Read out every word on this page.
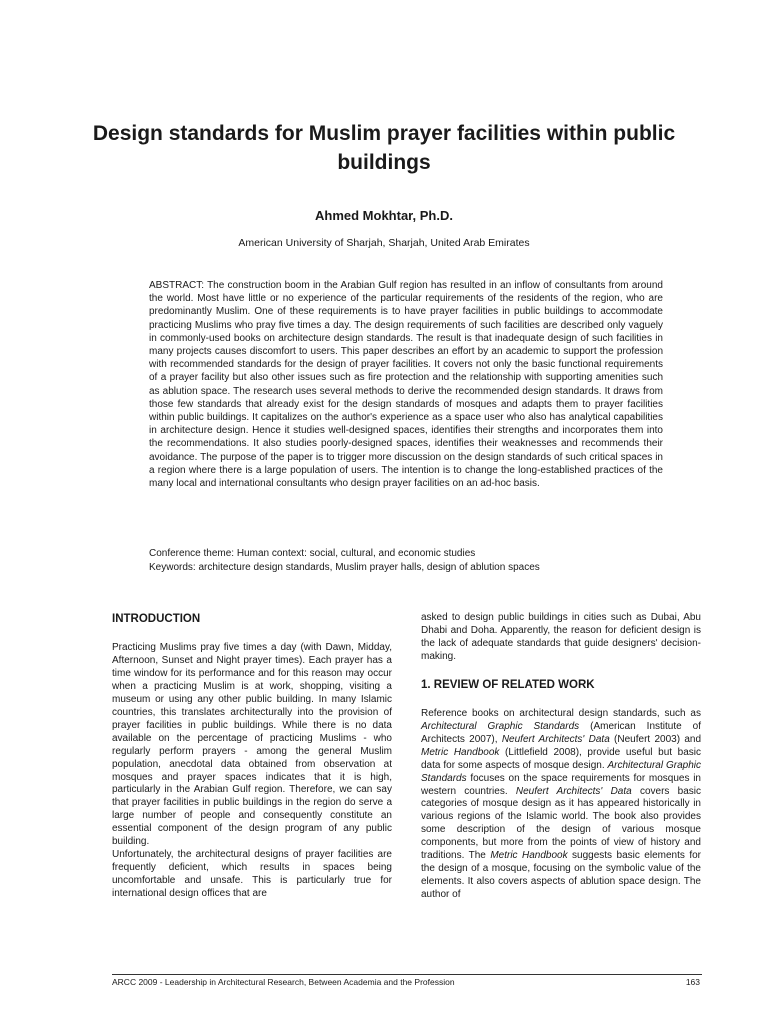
Design standards for Muslim prayer facilities within public buildings
Ahmed Mokhtar, Ph.D.
American University of Sharjah, Sharjah, United Arab Emirates

ABSTRACT: The construction boom in the Arabian Gulf region has resulted in an inflow of consultants from around the world. Most have little or no experience of the particular requirements of the residents of the region, who are predominantly Muslim. One of these requirements is to have prayer facilities in public buildings to accommodate practicing Muslims who pray five times a day. The design requirements of such facilities are described only vaguely in commonly-used books on architecture design standards. The result is that inadequate design of such facilities in many projects causes discomfort to users. This paper describes an effort by an academic to support the profession with recommended standards for the design of prayer facilities. It covers not only the basic functional requirements of a prayer facility but also other issues such as fire protection and the relationship with supporting amenities such as ablution space. The research uses several methods to derive the recommended design standards. It draws from those few standards that already exist for the design standards of mosques and adapts them to prayer facilities within public buildings. It capitalizes on the author's experience as a space user who also has analytical capabilities in architecture design. Hence it studies well-designed spaces, identifies their strengths and incorporates them into the recommendations. It also studies poorly-designed spaces, identifies their weaknesses and recommends their avoidance. The purpose of the paper is to trigger more discussion on the design standards of such critical spaces in a region where there is a large population of users. The intention is to change the long-established practices of the many local and international consultants who design prayer facilities on an ad-hoc basis.

Conference theme: Human context: social, cultural, and economic studies
Keywords: architecture design standards, Muslim prayer halls, design of ablution spaces
INTRODUCTION

Practicing Muslims pray five times a day (with Dawn, Midday, Afternoon, Sunset and Night prayer times). Each prayer has a time window for its performance and for this reason may occur when a practicing Muslim is at work, shopping, visiting a museum or using any other public building. In many Islamic countries, this translates architecturally into the provision of prayer facilities in public buildings. While there is no data available on the percentage of practicing Muslims - who regularly perform prayers - among the general Muslim population, anecdotal data obtained from observation at mosques and prayer spaces indicates that it is high, particularly in the Arabian Gulf region. Therefore, we can say that prayer facilities in public buildings in the region do serve a large number of people and consequently constitute an essential component of the design program of any public building.

Unfortunately, the architectural designs of prayer facilities are frequently deficient, which results in spaces being uncomfortable and unsafe. This is particularly true for international design offices that are

asked to design public buildings in cities such as Dubai, Abu Dhabi and Doha. Apparently, the reason for deficient design is the lack of adequate standards that guide designers' decision-making.

1. REVIEW OF RELATED WORK

Reference books on architectural design standards, such as Architectural Graphic Standards (American Institute of Architects 2007), Neufert Architects' Data (Neufert 2003) and Metric Handbook (Littlefield 2008), provide useful but basic data for some aspects of mosque design. Architectural Graphic Standards focuses on the space requirements for mosques in western countries. Neufert Architects' Data covers basic categories of mosque design as it has appeared historically in various regions of the Islamic world. The book also provides some description of the design of various mosque components, but more from the points of view of history and traditions. The Metric Handbook suggests basic elements for the design of a mosque, focusing on the symbolic value of the elements. It also covers aspects of ablution space design. The author of

ARCC 2009 - Leadership in Architectural Research, Between Academia and the Profession	163
